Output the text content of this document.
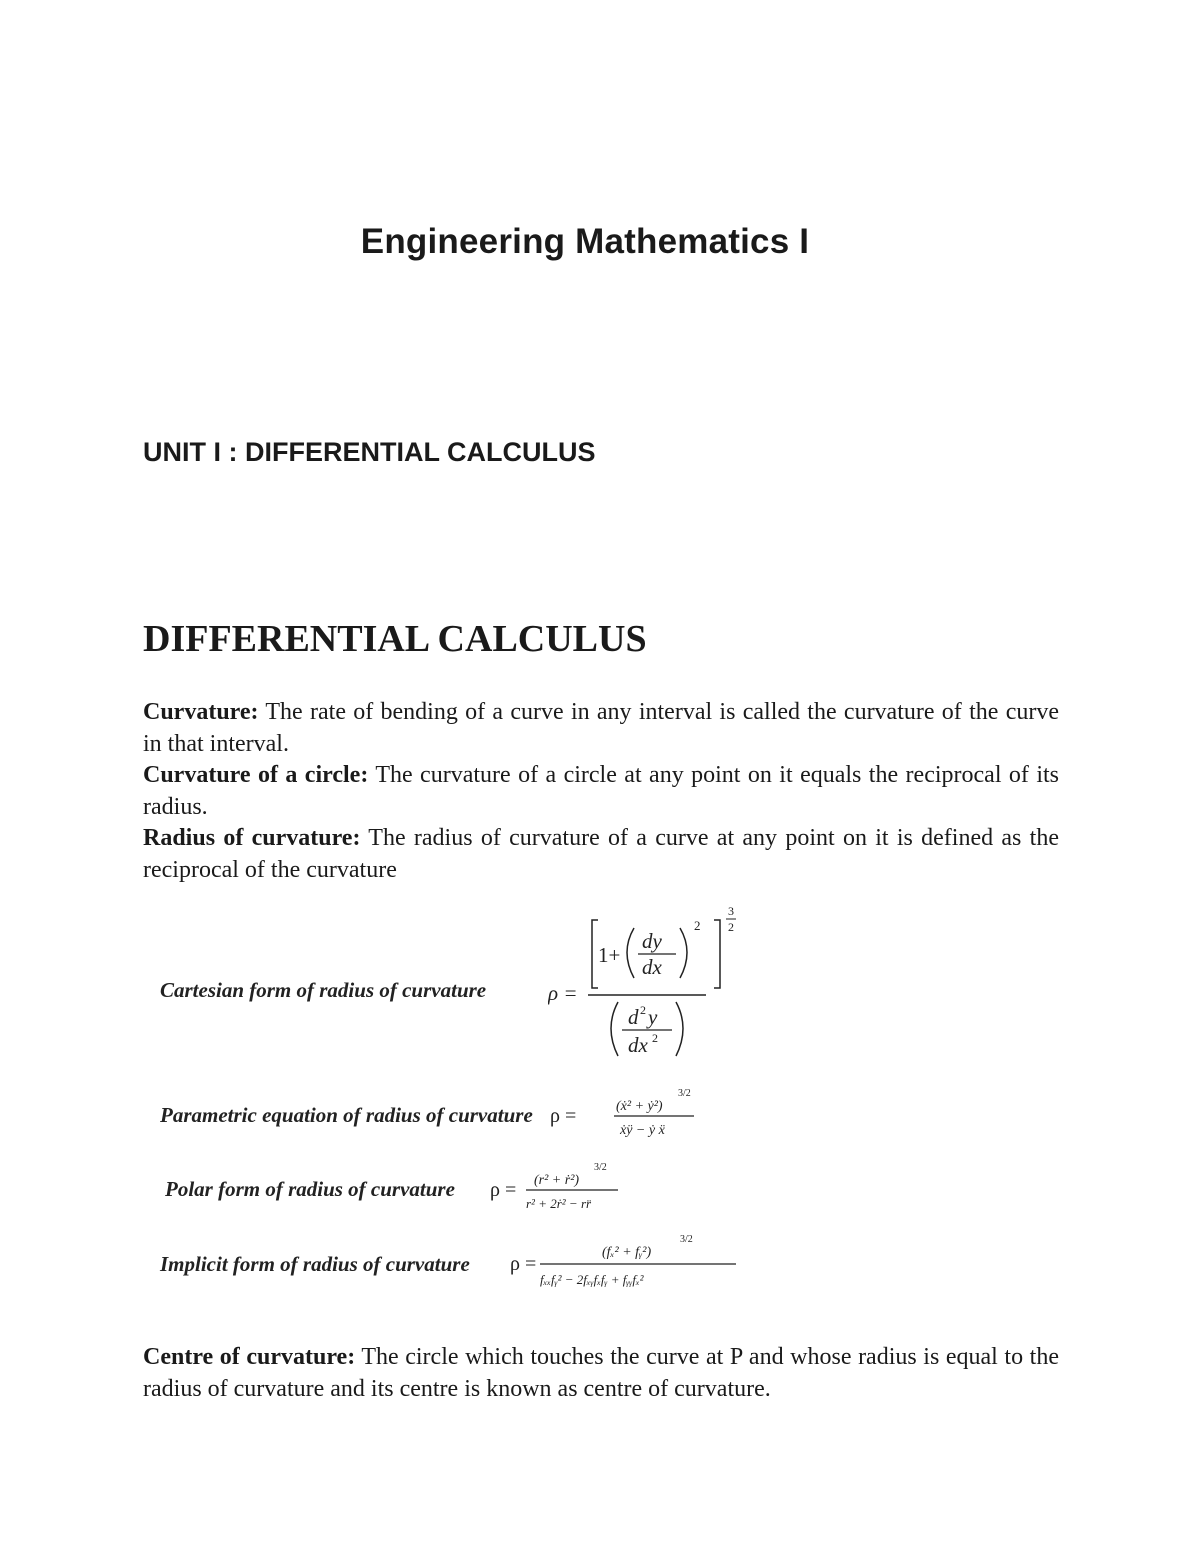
Engineering Mathematics I
UNIT I : DIFFERENTIAL CALCULUS
DIFFERENTIAL CALCULUS

Curvature: The rate of bending of a curve in any interval is called the curvature of the curve in that interval.

Curvature of a circle: The curvature of a circle at any point on it equals the reciprocal of its radius.

Radius of curvature: The radius of curvature of a curve at any point on it is defined as the reciprocal of the curvature

Cartesian form of radius of curvature	ρ =
1+
dy
dx
2
3
2
d 2 y
dx 2
Parametric equation of radius of curvature ρ =	(ẋ² + ẏ²)
3/2
ẋÿ − ẏ ẍ
Polar form of radius of curvature ρ = (r² + ṙ²)
3/2
r² + 2ṙ² − rr̈
Implicit form of radius of curvature ρ =
(fₓ² + fᵧ²)
3/2
fₓₓfᵧ² − 2fₓᵧfₓfᵧ + fᵧᵧfₓ²

Centre of curvature: The circle which touches the curve at P and whose radius is equal to the radius of curvature and its centre is known as centre of curvature.
